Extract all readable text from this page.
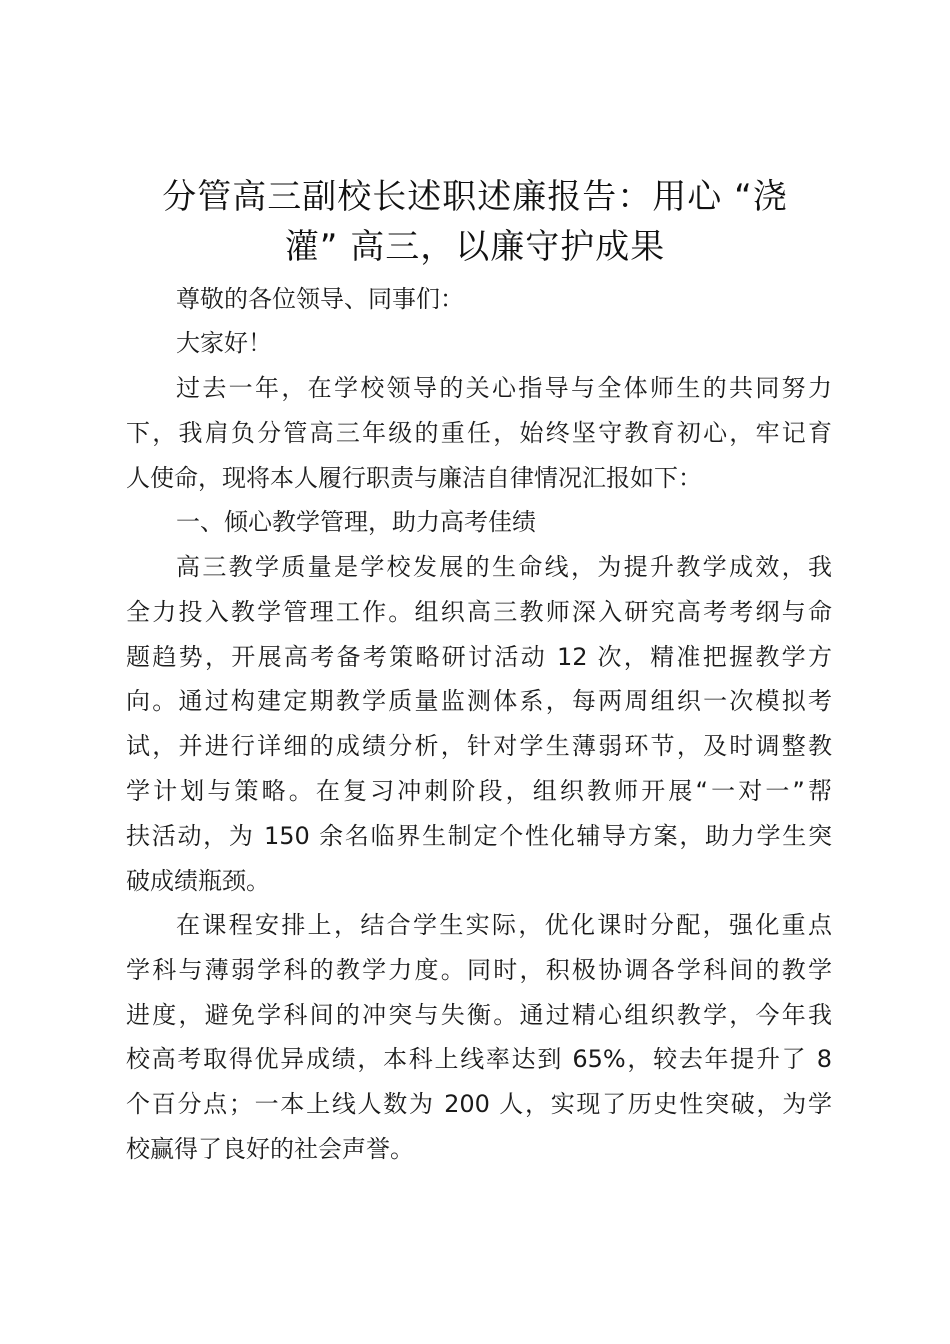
分管高三副校长述职述廉报告：用心 “浇
灌” 高三，以廉守护成果
尊敬的各位领导、同事们：
大家好！
过去一年，在学校领导的关心指导与全体师生的共同努力
下，我肩负分管高三年级的重任，始终坚守教育初心，牢记育
人使命，现将本人履行职责与廉洁自律情况汇报如下：
一、倾心教学管理，助力高考佳绩
高三教学质量是学校发展的生命线，为提升教学成效，我
全力投入教学管理工作。组织高三教师深入研究高考考纲与命
题趋势，开展高考备考策略研讨活动 12 次，精准把握教学方
向。通过构建定期教学质量监测体系，每两周组织一次模拟考
试，并进行详细的成绩分析，针对学生薄弱环节，及时调整教
学计划与策略。在复习冲刺阶段，组织教师开展“一对一”帮
扶活动，为 150 余名临界生制定个性化辅导方案，助力学生突
破成绩瓶颈。
在课程安排上，结合学生实际，优化课时分配，强化重点
学科与薄弱学科的教学力度。同时，积极协调各学科间的教学
进度，避免学科间的冲突与失衡。通过精心组织教学，今年我
校高考取得优异成绩，本科上线率达到 65%，较去年提升了 8
个百分点；一本上线人数为 200 人，实现了历史性突破，为学
校赢得了良好的社会声誉。
